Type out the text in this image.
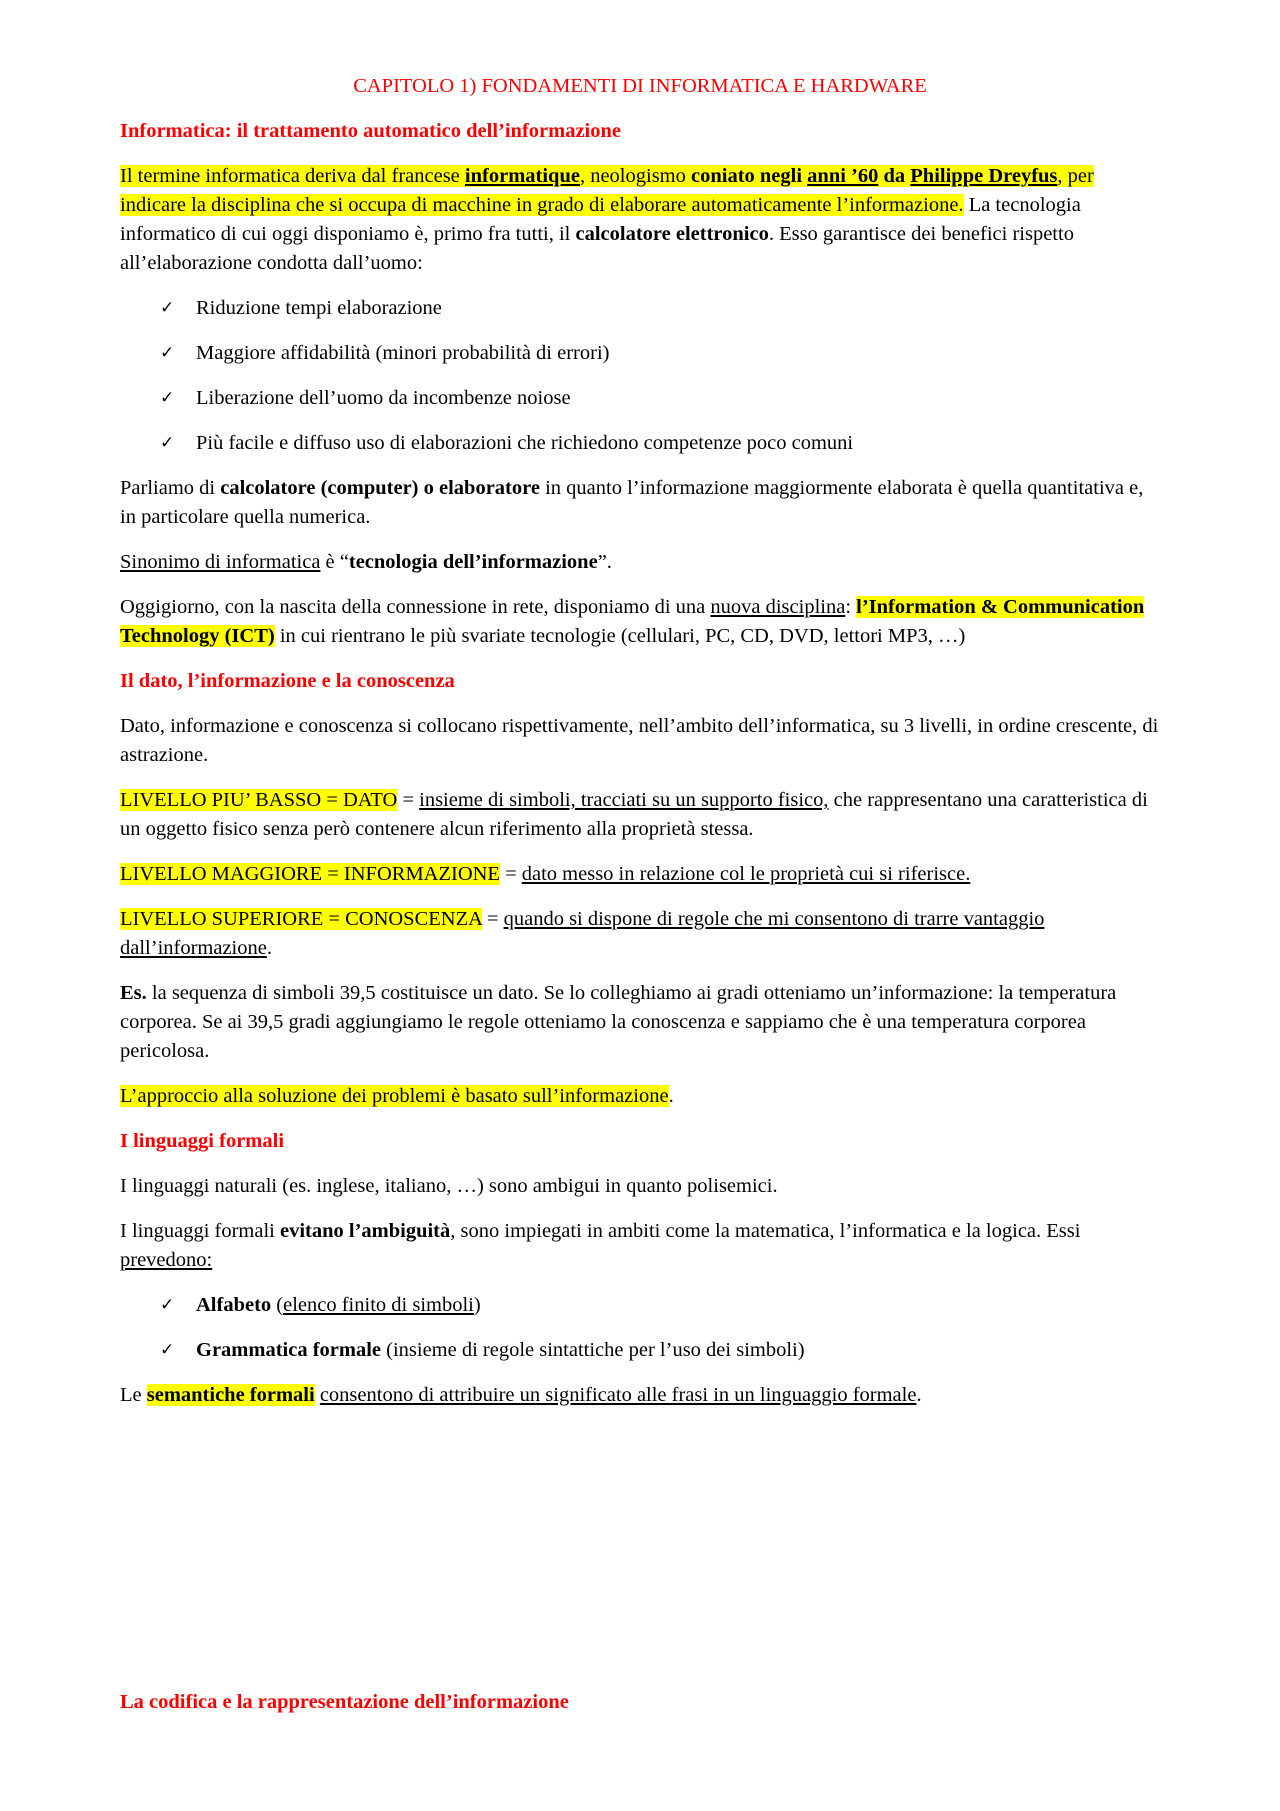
CAPITOLO 1) FONDAMENTI DI INFORMATICA E HARDWARE

Informatica: il trattamento automatico dell’informazione

Il termine informatica deriva dal francese informatique, neologismo coniato negli anni ’60 da Philippe Dreyfus, per indicare la disciplina che si occupa di macchine in grado di elaborare automaticamente l’informazione. La tecnologia informatico di cui oggi disponiamo è, primo fra tutti, il calcolatore elettronico. Esso garantisce dei benefici rispetto all’elaborazione condotta dall’uomo:

✓ Riduzione tempi elaborazione
✓ Maggiore affidabilità (minori probabilità di errori)
✓ Liberazione dell’uomo da incombenze noiose
✓ Più facile e diffuso uso di elaborazioni che richiedono competenze poco comuni

Parliamo di calcolatore (computer) o elaboratore in quanto l’informazione maggiormente elaborata è quella quantitativa e, in particolare quella numerica.

Sinonimo di informatica è “tecnologia dell’informazione”.

Oggigiorno, con la nascita della connessione in rete, disponiamo di una nuova disciplina: l’Information & Communication Technology (ICT) in cui rientrano le più svariate tecnologie (cellulari, PC, CD, DVD, lettori MP3, …)

Il dato, l’informazione e la conoscenza

Dato, informazione e conoscenza si collocano rispettivamente, nell’ambito dell’informatica, su 3 livelli, in ordine crescente, di astrazione.

LIVELLO PIU’ BASSO = DATO = insieme di simboli, tracciati su un supporto fisico, che rappresentano una caratteristica di un oggetto fisico senza però contenere alcun riferimento alla proprietà stessa.

LIVELLO MAGGIORE = INFORMAZIONE = dato messo in relazione col le proprietà cui si riferisce.

LIVELLO SUPERIORE = CONOSCENZA = quando si dispone di regole che mi consentono di trarre vantaggio dall’informazione.

Es. la sequenza di simboli 39,5 costituisce un dato. Se lo colleghiamo ai gradi otteniamo un’informazione: la temperatura corporea. Se ai 39,5 gradi aggiungiamo le regole otteniamo la conoscenza e sappiamo che è una temperatura corporea pericolosa.

L’approccio alla soluzione dei problemi è basato sull’informazione.

I linguaggi formali

I linguaggi naturali (es. inglese, italiano, …) sono ambigui in quanto polisemici.

I linguaggi formali evitano l’ambiguità, sono impiegati in ambiti come la matematica, l’informatica e la logica. Essi prevedono:

✓ Alfabeto (elenco finito di simboli)
✓ Grammatica formale (insieme di regole sintattiche per l’uso dei simboli)

Le semantiche formali consentono di attribuire un significato alle frasi in un linguaggio formale.

La codifica e la rappresentazione dell’informazione
